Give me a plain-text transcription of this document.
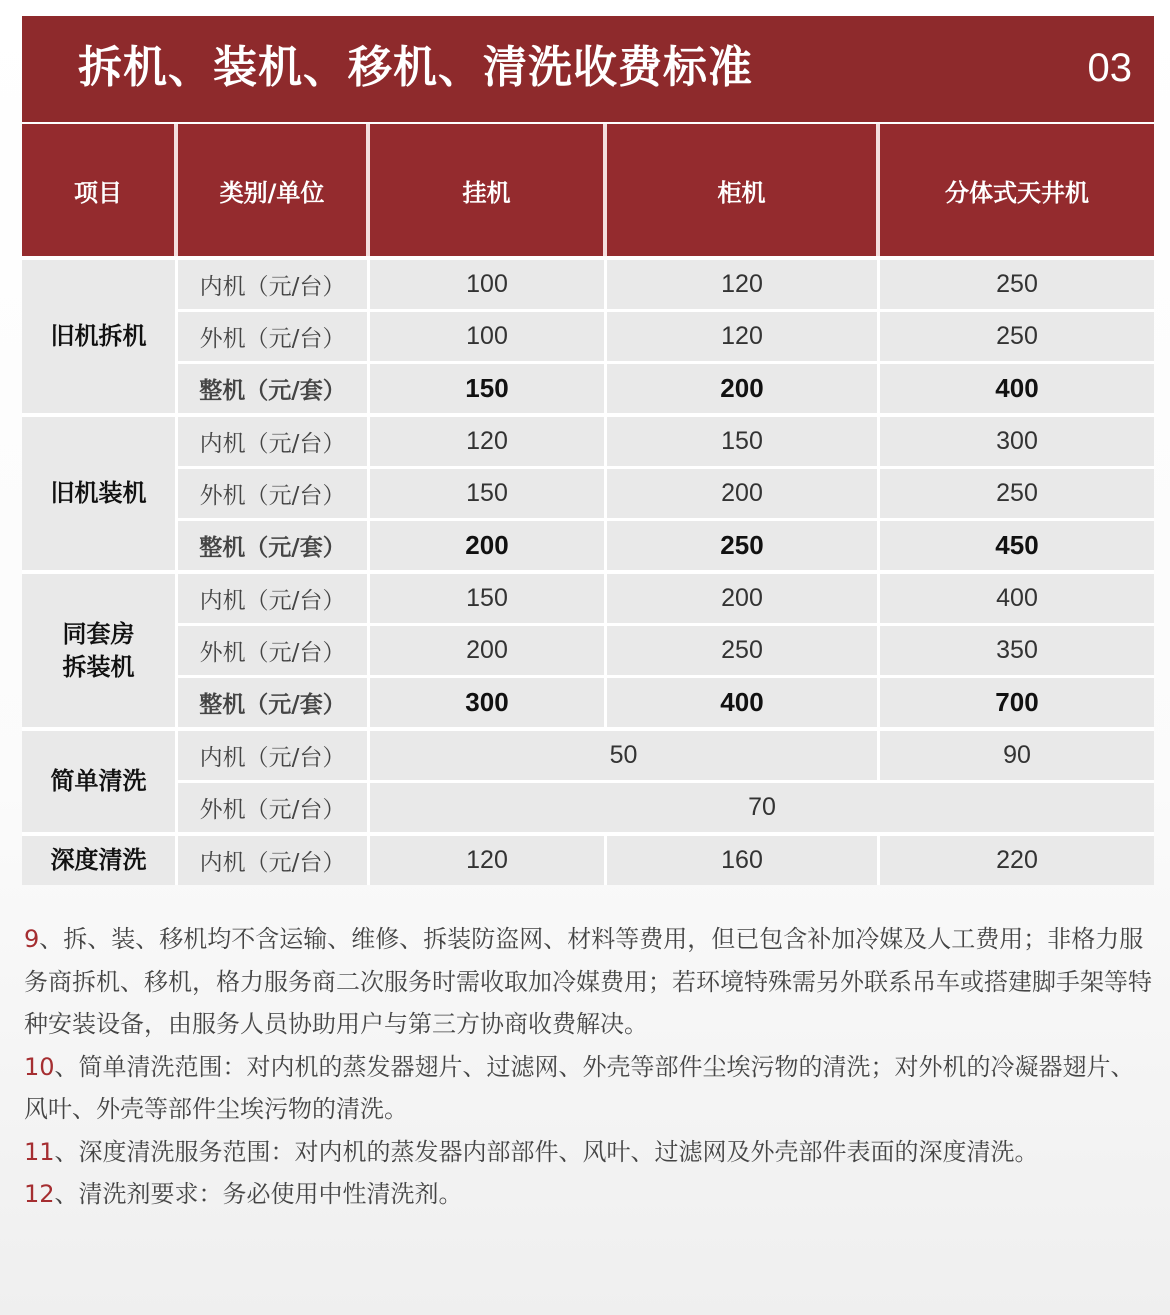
拆机、装机、移机、清洗收费标准	03
项目	类别/单位	挂机	柜机	分体式天井机
旧机拆机	内机（元/台）	100	120	250
	外机（元/台）	100	120	250
	整机（元/套）	150	200	400
旧机装机	内机（元/台）	120	150	300
	外机（元/台）	150	200	250
	整机（元/套）	200	250	450

同套房
拆装机	内机（元/台）	150	200	400
	外机（元/台）	200	250	350
	整机（元/套）	300	400	700
简单清洗	内机（元/台）	50		90
	外机（元/台）	70		
深度清洗	内机（元/台）	120	160	220

9、拆、装、移机均不含运输、维修、拆装防盗网、材料等费用，但已包含补加冷媒及人工费用；非格力服务商拆机、移机，格力服务商二次服务时需收取加冷媒费用；若环境特殊需另外联系吊车或搭建脚手架等特种安装设备，由服务人员协助用户与第三方协商收费解决。

10、简单清洗范围：对内机的蒸发器翅片、过滤网、外壳等部件尘埃污物的清洗；对外机的冷凝器翅片、风叶、外壳等部件尘埃污物的清洗。

11、深度清洗服务范围：对内机的蒸发器内部部件、风叶、过滤网及外壳部件表面的深度清洗。

12、清洗剂要求：务必使用中性清洗剂。
